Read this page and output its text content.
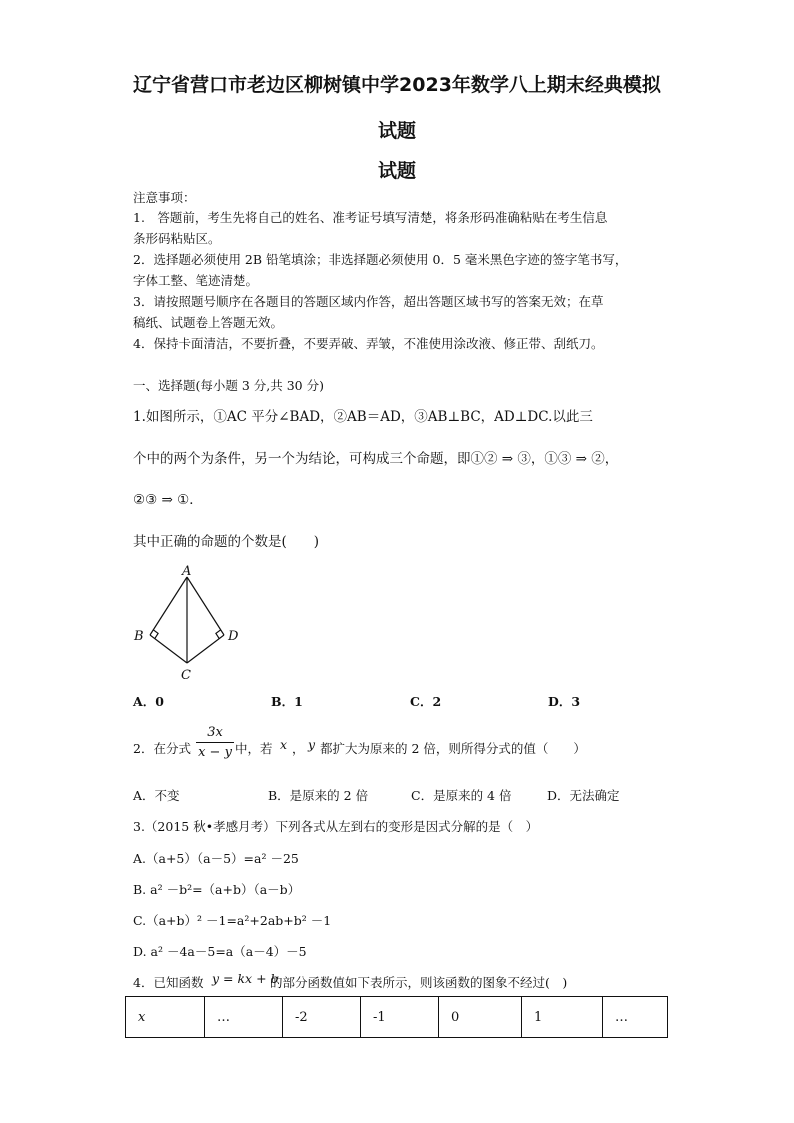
辽宁省营口市老边区柳树镇中学2023年数学八上期末经典模拟
试题
试题
注意事项：
1.　答题前，考生先将自己的姓名、准考证号填写清楚，将条形码准确粘贴在考生信息
条形码粘贴区。
2．选择题必须使用 2B 铅笔填涂；非选择题必须使用 0．5 毫米黑色字迹的签字笔书写，
字体工整、笔迹清楚。
3．请按照题号顺序在各题目的答题区域内作答，超出答题区域书写的答案无效；在草
稿纸、试题卷上答题无效。
4．保持卡面清洁，不要折叠，不要弄破、弄皱，不准使用涂改液、修正带、刮纸刀。
一、选择题(每小题 3 分,共 30 分)
1.如图所示，①AC 平分∠BAD，②AB＝AD，③AB⊥BC，AD⊥DC.以此三
个中的两个为条件，另一个为结论，可构成三个命题，即①② ⇒ ③，①③ ⇒ ②，
②③ ⇒ ①．
其中正确的命题的个数是(　　)
A
B
C
D
A．0	B．1	C．2	D．3
2．在分式
3x
x − y 中，若 x ， y 都扩大为原来的 2 倍，则所得分式的值（　　）
A．不变	B．是原来的 2 倍	C．是原来的 4 倍	D．无法确定
3.（2015 秋•孝感月考）下列各式从左到右的变形是因式分解的是（　）
A.（a+5）（a－5）=a² －25
B. a² －b²=（a+b）（a－b）
C.（a+b）² －1=a²+2ab+b² －1
D. a² －4a－5=a（a－4）－5
4．已知函数 y = kx + b
的部分函数值如下表所示，则该函数的图象不经过(　)
x	…	-2	-1	0	1	…
